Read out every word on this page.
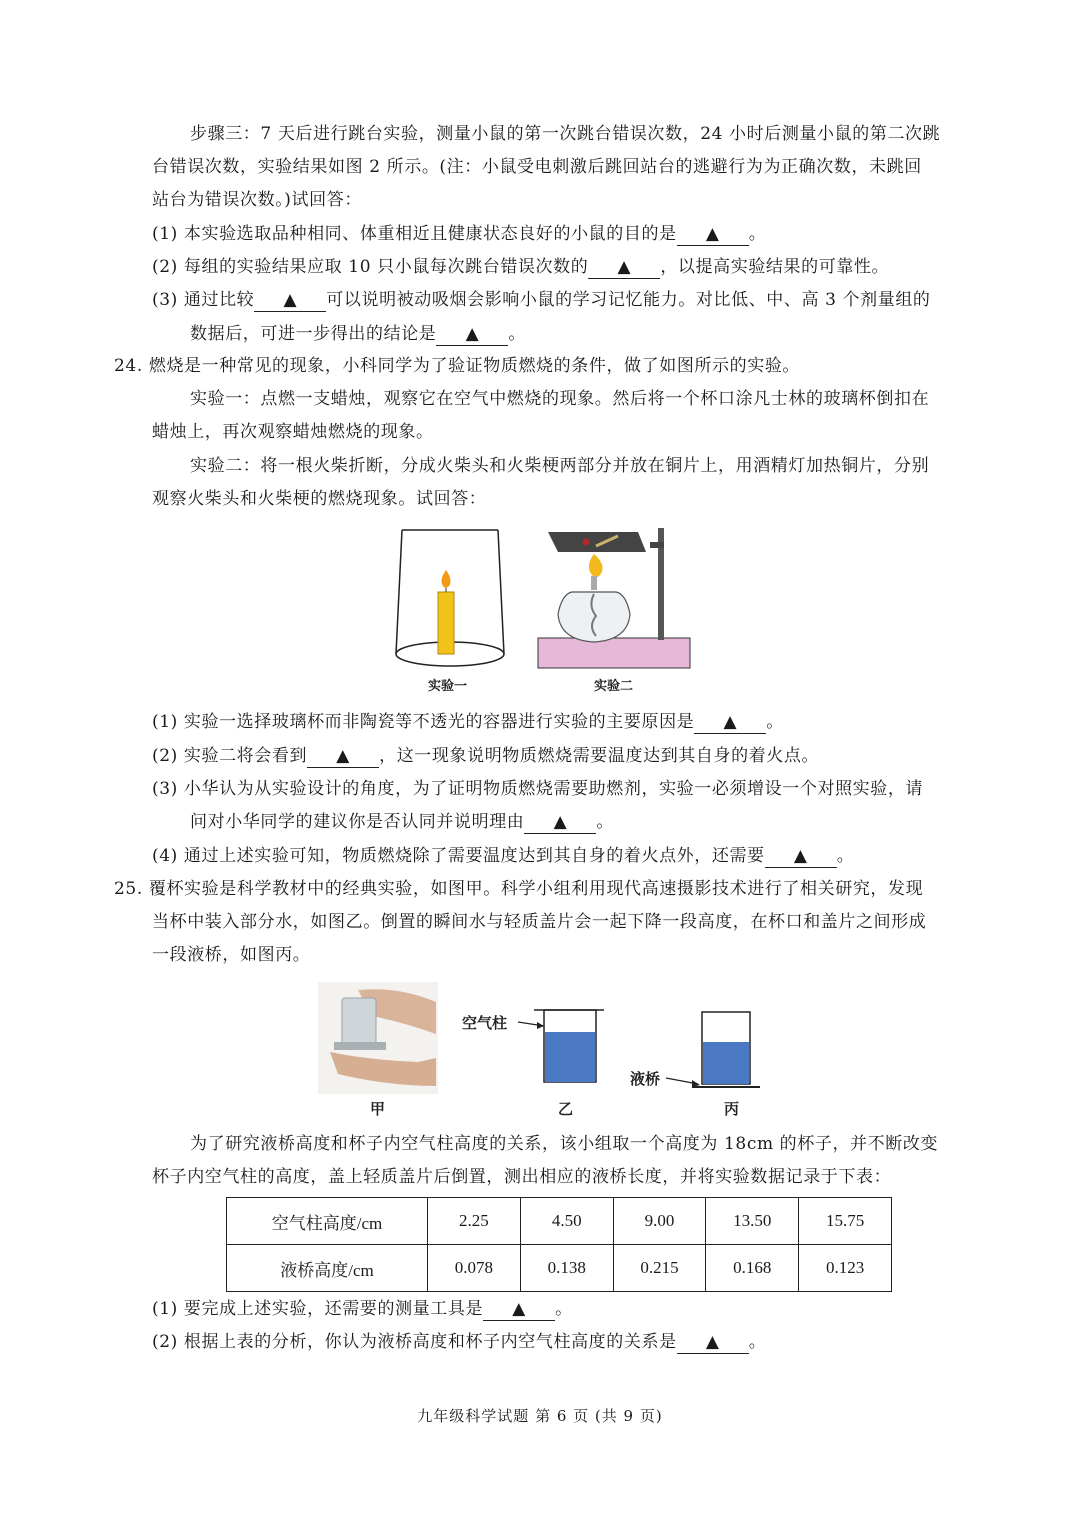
步骤三：7 天后进行跳台实验，测量小鼠的第一次跳台错误次数，24 小时后测量小鼠的第二次跳
台错误次数，实验结果如图 2 所示。(注：小鼠受电刺激后跳回站台的逃避行为为正确次数，未跳回
站台为错误次数。)试回答：
(1) 本实验选取品种相同、体重相近且健康状态良好的小鼠的目的是 ▲ 。
(2) 每组的实验结果应取 10 只小鼠每次跳台错误次数的 ▲ ，以提高实验结果的可靠性。
(3) 通过比较 ▲ 可以说明被动吸烟会影响小鼠的学习记忆能力。对比低、中、高 3 个剂量组的
数据后，可进一步得出的结论是 ▲ 。
24. 燃烧是一种常见的现象，小科同学为了验证物质燃烧的条件，做了如图所示的实验。
实验一：点燃一支蜡烛，观察它在空气中燃烧的现象。然后将一个杯口涂凡士林的玻璃杯倒扣在
蜡烛上，再次观察蜡烛燃烧的现象。
实验二：将一根火柴折断，分成火柴头和火柴梗两部分并放在铜片上，用酒精灯加热铜片，分别
观察火柴头和火柴梗的燃烧现象。试回答：
实验一	实验二
(1) 实验一选择玻璃杯而非陶瓷等不透光的容器进行实验的主要原因是 ▲ 。
(2) 实验二将会看到 ▲ ，这一现象说明物质燃烧需要温度达到其自身的着火点。
(3) 小华认为从实验设计的角度，为了证明物质燃烧需要助燃剂，实验一必须增设一个对照实验，请
问对小华同学的建议你是否认同并说明理由 ▲ 。
(4) 通过上述实验可知，物质燃烧除了需要温度达到其自身的着火点外，还需要 ▲ 。
25. 覆杯实验是科学教材中的经典实验，如图甲。科学小组利用现代高速摄影技术进行了相关研究，发现
当杯中装入部分水，如图乙。倒置的瞬间水与轻质盖片会一起下降一段高度，在杯口和盖片之间形成
一段液桥，如图丙。
空气柱
液桥
甲	乙	丙
为了研究液桥高度和杯子内空气柱高度的关系，该小组取一个高度为 18cm 的杯子，并不断改变
杯子内空气柱的高度，盖上轻质盖片后倒置，测出相应的液桥长度，并将实验数据记录于下表：
空气柱高度/cm	2.25	4.50	9.00	13.50	15.75
液桥高度/cm	0.078	0.138	0.215	0.168	0.123
(1) 要完成上述实验，还需要的测量工具是 ▲ 。
(2) 根据上表的分析，你认为液桥高度和杯子内空气柱高度的关系是 ▲ 。
九年级科学试题 第 6 页 (共 9 页)
